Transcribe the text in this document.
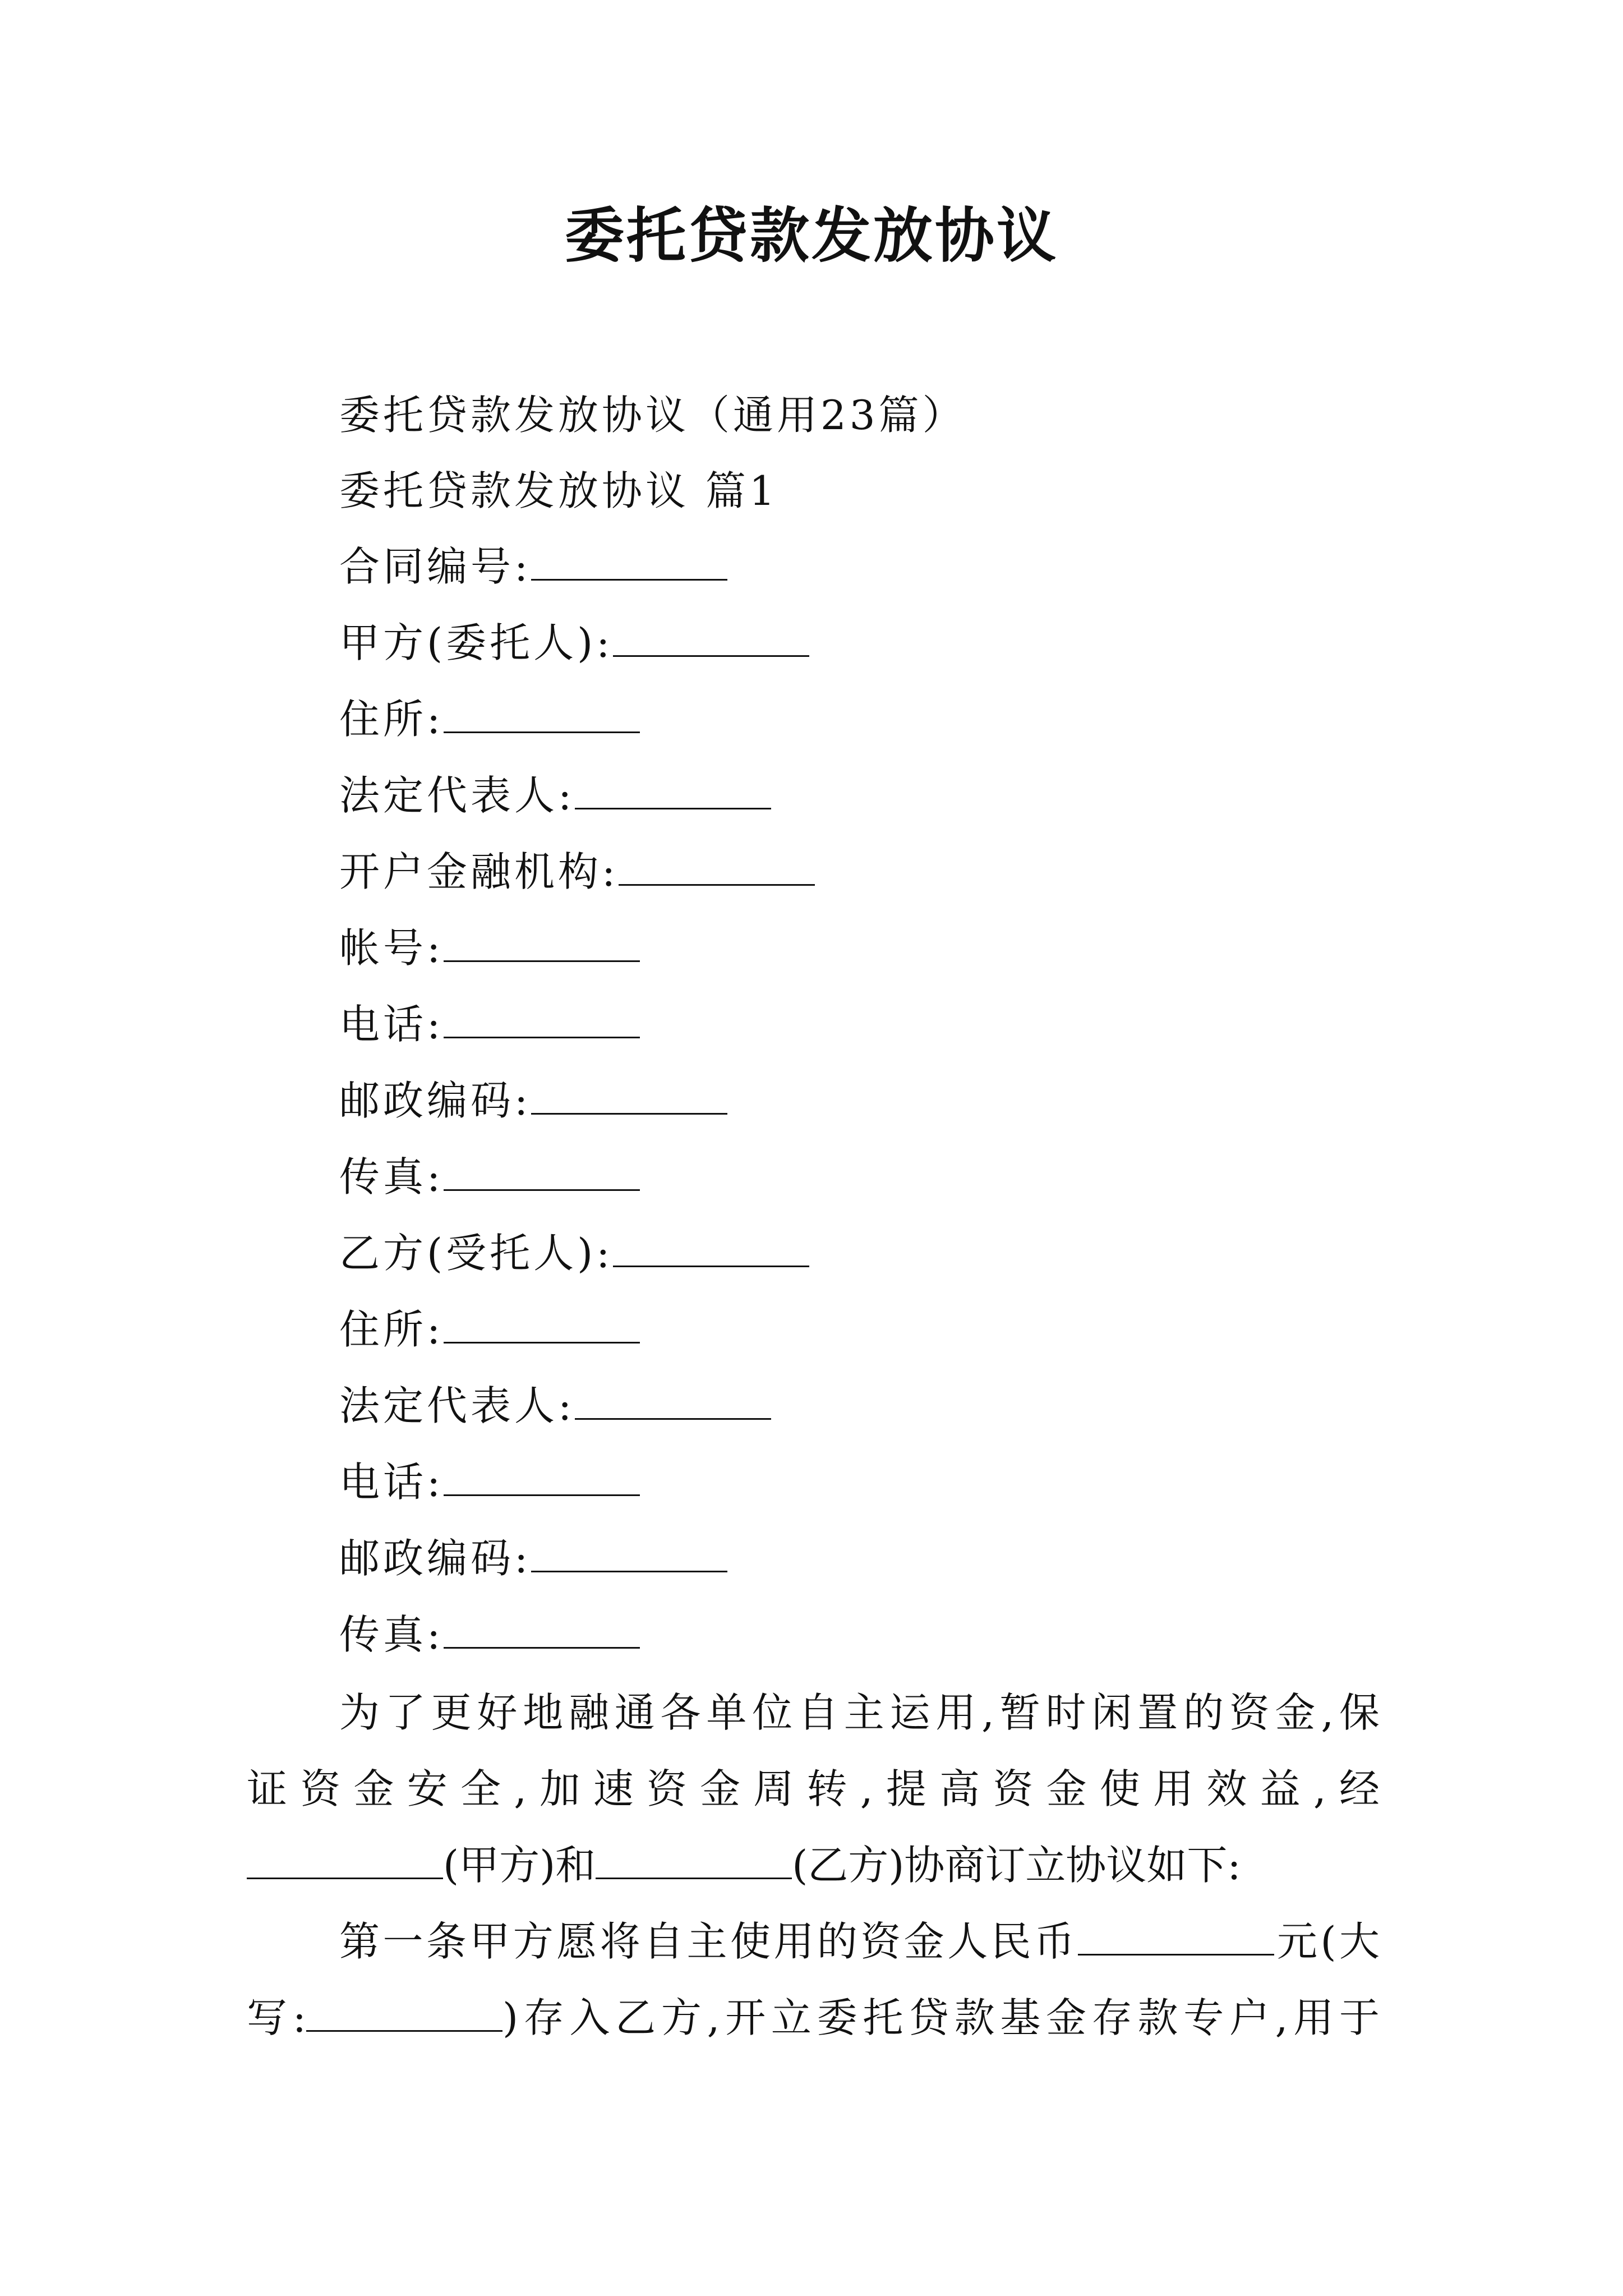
委托贷款发放协议
委托贷款发放协议（通用23篇）
委托贷款发放协议 篇1
合同编号:
甲方(委托人):
住所:
法定代表人:
开户金融机构:
帐号:
电话:
邮政编码:
传真:
乙方(受托人):
住所:
法定代表人:
电话:
邮政编码:
传真:
为了更好地融通各单位自主运用,暂时闲置的资金,保
证资金安全,加速资金周转,提高资金使用效益,经
(甲方)和	(乙方)协商订立协议如下:
第一条甲方愿将自主使用的资金人民币	元(大
写:	)存入乙方,开立委托贷款基金存款专户,用于
